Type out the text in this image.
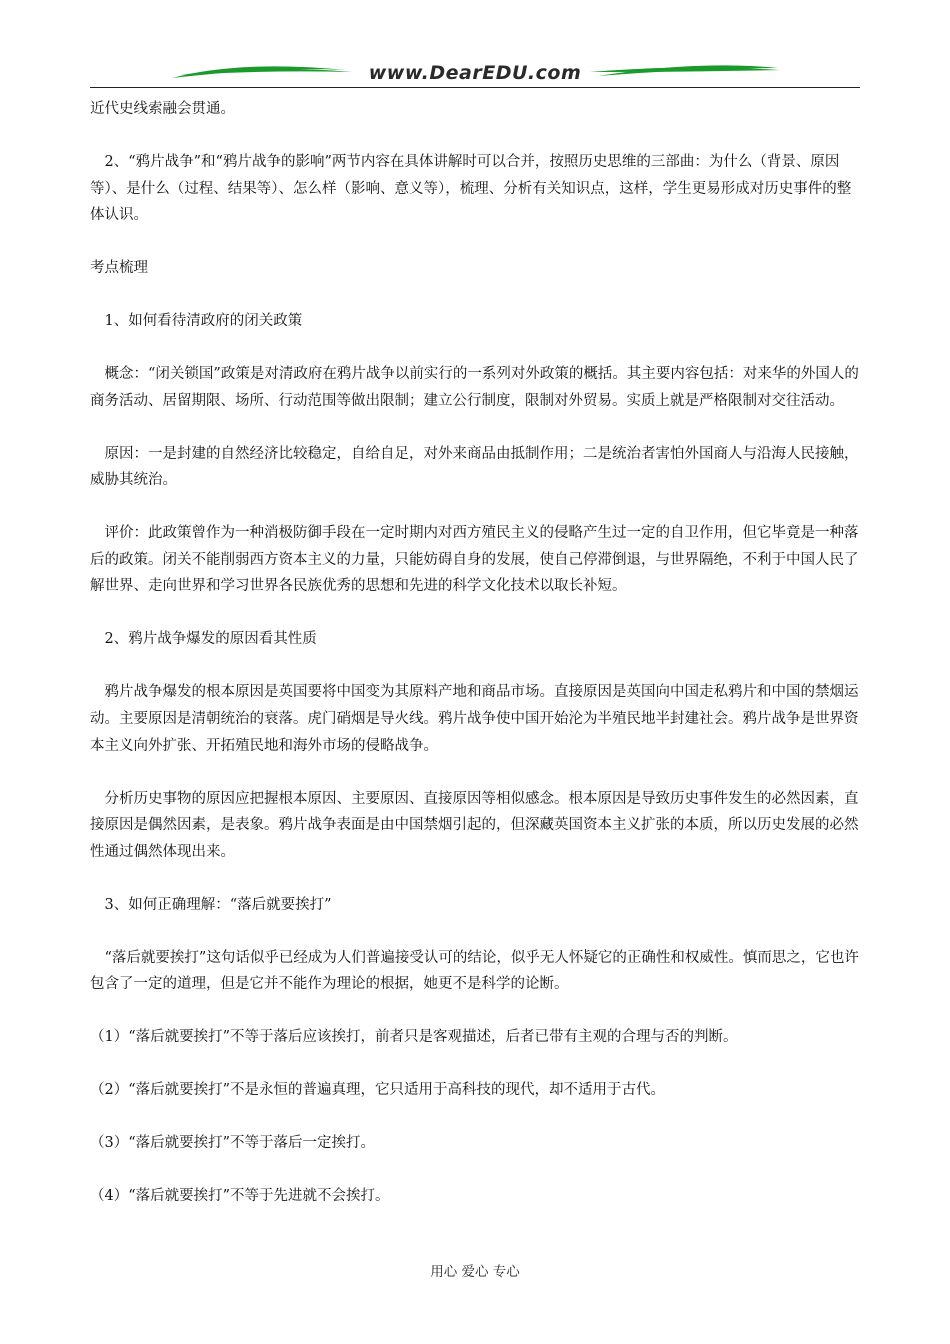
www.DearEDU.com

近代史线索融会贯通。

　2、“鸦片战争”和“鸦片战争的影响”两节内容在具体讲解时可以合并，按照历史思维的三部曲：为什么（背景、原因等）、是什么（过程、结果等）、怎么样（影响、意义等），梳理、分析有关知识点，这样，学生更易形成对历史事件的整体认识。

考点梳理

　1、如何看待清政府的闭关政策

　概念：“闭关锁国”政策是对清政府在鸦片战争以前实行的一系列对外政策的概括。其主要内容包括：对来华的外国人的商务活动、居留期限、场所、行动范围等做出限制；建立公行制度，限制对外贸易。实质上就是严格限制对交往活动。

　原因：一是封建的自然经济比较稳定，自给自足，对外来商品由抵制作用；二是统治者害怕外国商人与沿海人民接触，威胁其统治。

　评价：此政策曾作为一种消极防御手段在一定时期内对西方殖民主义的侵略产生过一定的自卫作用，但它毕竟是一种落后的政策。闭关不能削弱西方资本主义的力量，只能妨碍自身的发展，使自己停滞倒退，与世界隔绝，不利于中国人民了解世界、走向世界和学习世界各民族优秀的思想和先进的科学文化技术以取长补短。

　2、鸦片战争爆发的原因看其性质

　鸦片战争爆发的根本原因是英国要将中国变为其原料产地和商品市场。直接原因是英国向中国走私鸦片和中国的禁烟运动。主要原因是清朝统治的衰落。虎门硝烟是导火线。鸦片战争使中国开始沦为半殖民地半封建社会。鸦片战争是世界资本主义向外扩张、开拓殖民地和海外市场的侵略战争。

　分析历史事物的原因应把握根本原因、主要原因、直接原因等相似感念。根本原因是导致历史事件发生的必然因素，直接原因是偶然因素，是表象。鸦片战争表面是由中国禁烟引起的，但深藏英国资本主义扩张的本质，所以历史发展的必然性通过偶然体现出来。

　3、如何正确理解：“落后就要挨打”

　“落后就要挨打”这句话似乎已经成为人们普遍接受认可的结论，似乎无人怀疑它的正确性和权威性。慎而思之，它也许包含了一定的道理，但是它并不能作为理论的根据，她更不是科学的论断。

（1）“落后就要挨打”不等于落后应该挨打，前者只是客观描述，后者已带有主观的合理与否的判断。

（2）“落后就要挨打”不是永恒的普遍真理，它只适用于高科技的现代，却不适用于古代。

（3）“落后就要挨打”不等于落后一定挨打。

（4）“落后就要挨打”不等于先进就不会挨打。

用心 爱心 专心
